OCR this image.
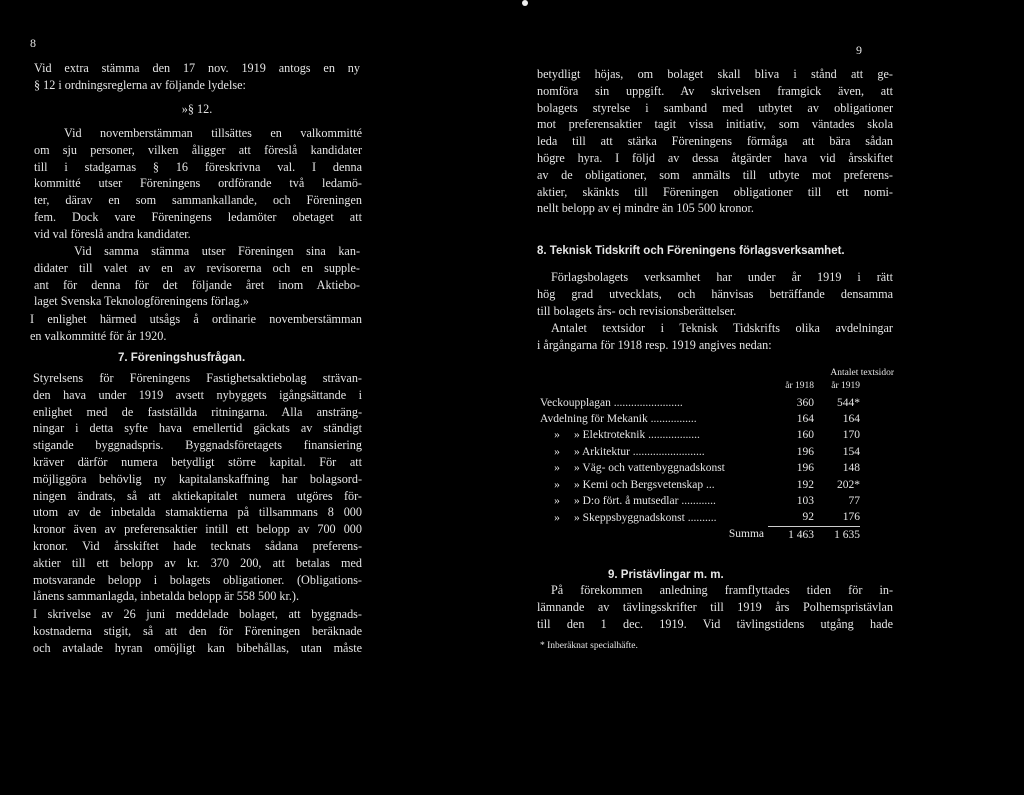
8
Vid extra stämma den 17 nov. 1919 antogs en ny
§ 12 i ordningsreglerna av följande lydelse:
»§ 12.
Vid novemberstämman tillsättes en valkommitté
om sju personer, vilken åligger att föreslå kandidater
till i stadgarnas § 16 föreskrivna val. I denna
kommitté utser Föreningens ordförande två ledamö-
ter, därav en som sammankallande, och Föreningen
fem. Dock vare Föreningens ledamöter obetaget att
vid val föreslå andra kandidater.
Vid samma stämma utser Föreningen sina kan-
didater till valet av en av revisorerna och en supple-
ant för denna för det följande året inom Aktiebo-
laget Svenska Teknologföreningens förlag.»
I enlighet härmed utsågs å ordinarie novemberstämman
en valkommitté för år 1920.
7. Föreningshusfrågan.
Styrelsens för Föreningens Fastighetsaktiebolag strävan-
den hava under 1919 avsett nybyggets igångsättande i
enlighet med de fastställda ritningarna. Alla ansträng-
ningar i detta syfte hava emellertid gäckats av ständigt
stigande byggnadspris. Byggnadsföretagets finansiering
kräver därför numera betydligt större kapital. För att
möjliggöra behövlig ny kapitalanskaffning har bolagsord-
ningen ändrats, så att aktiekapitalet numera utgöres för-
utom av de inbetalda stamaktierna på tillsammans 8 000
kronor även av preferensaktier intill ett belopp av 700 000
kronor. Vid årsskiftet hade tecknats sådana preferens-
aktier till ett belopp av kr. 370 200, att betalas med
motsvarande belopp i bolagets obligationer. (Obligations-
lånens sammanlagda, inbetalda belopp är 558 500 kr.).
I skrivelse av 26 juni meddelade bolaget, att byggnads-
kostnaderna stigit, så att den för Föreningen beräknade
och avtalade hyran omöjligt kan bibehållas, utan måste
9
betydligt höjas, om bolaget skall bliva i stånd att ge-
nomföra sin uppgift. Av skrivelsen framgick även, att
bolagets styrelse i samband med utbytet av obligationer
mot preferensaktier tagit vissa initiativ, som väntades skola
leda till att stärka Föreningens förmåga att bära sådan
högre hyra. I följd av dessa åtgärder hava vid årsskiftet
av de obligationer, som anmälts till utbyte mot preferens-
aktier, skänkts till Föreningen obligationer till ett nomi-
nellt belopp av ej mindre än 105 500 kronor.
8. Teknisk Tidskrift och Föreningens förlagsverksamhet.
Förlagsbolagets verksamhet har under år 1919 i rätt
hög grad utvecklats, och hänvisas beträffande densamma
till bolagets års- och revisionsberättelser.
Antalet textsidor i Teknisk Tidskrifts olika avdelningar
i årgångarna för 1918 resp. 1919 angives nedan:
Antalet textsidor
		år 1918	år 1919
Veckoupplagan ........................		360	544*
Avdelning för Mekanik ................		164	164
»	» Elektroteknik ..................	160	170
»	» Arkitektur .........................	196	154
»	» Väg- och vattenbyggnadskonst	196	148
»	» Kemi och Bergsvetenskap ...	192	202*
»	» D:o fört. å mutsedlar ............	103	77
»	» Skeppsbyggnadskonst ..........	92	176
	Summa	1 463	1 635
9. Pristävlingar m. m.
På förekommen anledning framflyttades tiden för in-
lämnande av tävlingsskrifter till 1919 års Polhemspristävlan
till den 1 dec. 1919. Vid tävlingstidens utgång hade
* Inberäknat specialhäfte.
